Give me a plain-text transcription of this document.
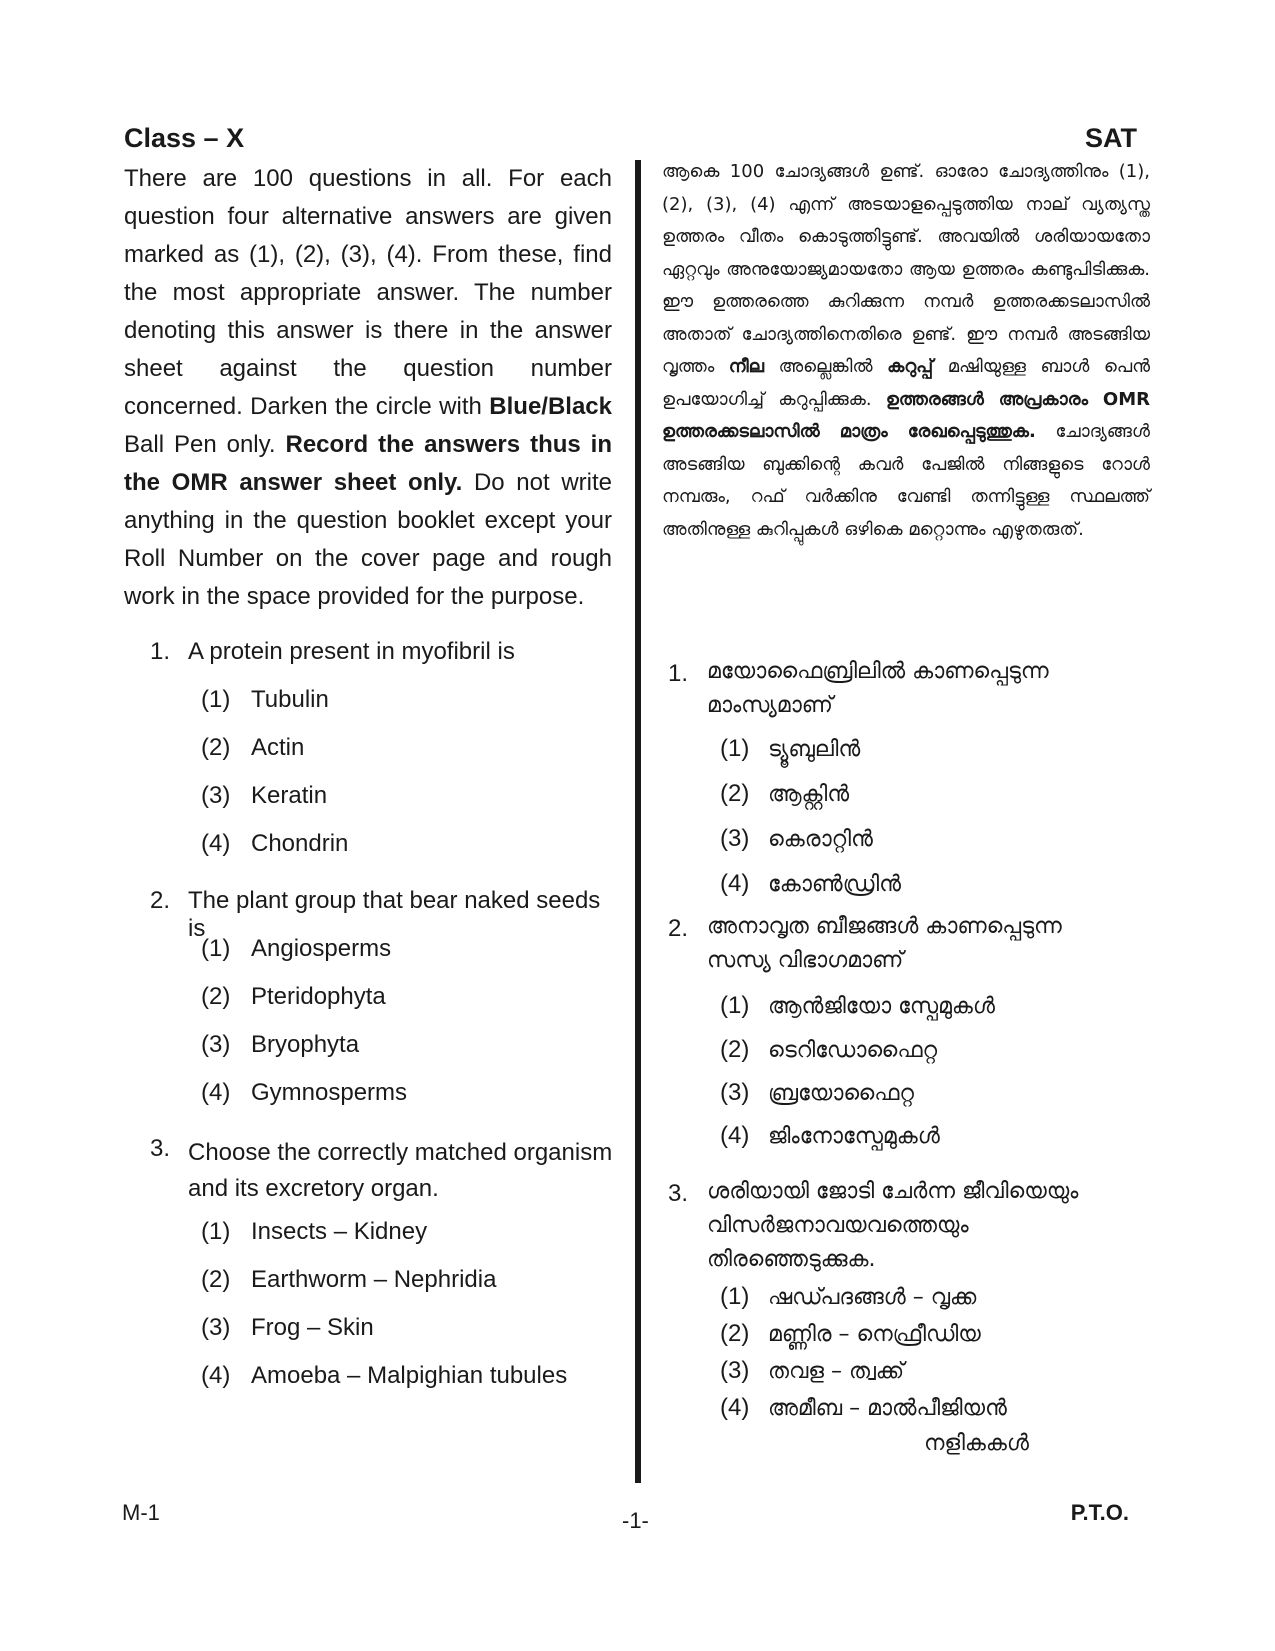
Class – X	SAT
There are 100 questions in all. For each question four alternative answers are given marked as (1), (2), (3), (4). From these, find the most appropriate answer. The number denoting this answer is there in the answer sheet against the question number concerned. Darken the circle with Blue/Black Ball Pen only. Record the answers thus in the OMR answer sheet only. Do not write anything in the question booklet except your Roll Number on the cover page and rough work in the space provided for the purpose.
ആകെ 100 ചോദ്യങ്ങൾ ഉണ്ട്. ഓരോ ചോദ്യത്തിനും (1), (2), (3), (4) എന്ന് അടയാളപ്പെടുത്തിയ നാല് വ്യത്യസ്ത ഉത്തരം വീതം കൊടുത്തിട്ടുണ്ട്. അവയിൽ ശരിയായതോ ഏറ്റവും അനുയോജ്യമായതോ ആയ ഉത്തരം കണ്ടുപിടിക്കുക. ഈ ഉത്തരത്തെ കുറിക്കുന്ന നമ്പർ ഉത്തരക്കടലാസിൽ അതാത് ചോദ്യത്തിനെതിരെ ഉണ്ട്. ഈ നമ്പർ അടങ്ങിയ വൃത്തം നീല അല്ലെങ്കിൽ കറുപ്പ് മഷിയുള്ള ബാൾ പെൻ ഉപയോഗിച്ച് കറുപ്പിക്കുക. ഉത്തരങ്ങൾ അപ്രകാരം OMR ഉത്തരക്കടലാസിൽ മാത്രം രേഖപ്പെടുത്തുക. ചോദ്യങ്ങൾ അടങ്ങിയ ബുക്കിന്റെ കവർ പേജിൽ നിങ്ങളുടെ റോൾ നമ്പരും, റഫ് വർക്കിനു വേണ്ടി തന്നിട്ടുള്ള സ്ഥലത്ത് അതിനുള്ള കുറിപ്പുകൾ ഒഴികെ മറ്റൊന്നും എഴുതരുത്.
1. A protein present in myofibril is
(1) Tubulin
(2) Actin
(3) Keratin
(4) Chondrin
2. The plant group that bear naked seeds is
(1) Angiosperms
(2) Pteridophyta
(3) Bryophyta
(4) Gymnosperms
3. Choose the correctly matched organism and its excretory organ.
(1) Insects – Kidney
(2) Earthworm – Nephridia
(3) Frog – Skin
(4) Amoeba – Malpighian tubules
1. മയോഫൈബ്രിലിൽ കാണപ്പെടുന്ന മാംസ്യമാണ്
(1) ട്യൂബുലിൻ
(2) ആക്റ്റിൻ
(3) കെരാറ്റിൻ
(4) കോൺഡ്രിൻ
2. അനാവൃത ബീജങ്ങൾ കാണപ്പെടുന്ന സസ്യ വിഭാഗമാണ്
(1) ആൻജിയോ സ്പേമുകൾ
(2) ടെറിഡോഫൈറ്റ
(3) ബ്രയോഫൈറ്റ
(4) ജിംനോസ്പേമുകൾ
3. ശരിയായി ജോടി ചേർന്ന ജീവിയെയും വിസർജനാവയവത്തെയും തിരഞ്ഞെടുക്കുക.
(1) ഷഡ്പദങ്ങൾ – വൃക്ക
(2) മണ്ണിര – നെഫ്രീഡിയ
(3) തവള – ത്വക്ക്
(4) അമീബ – മാൽപീജിയൻ
നളികകൾ
M-1	-1-	P.T.O.
